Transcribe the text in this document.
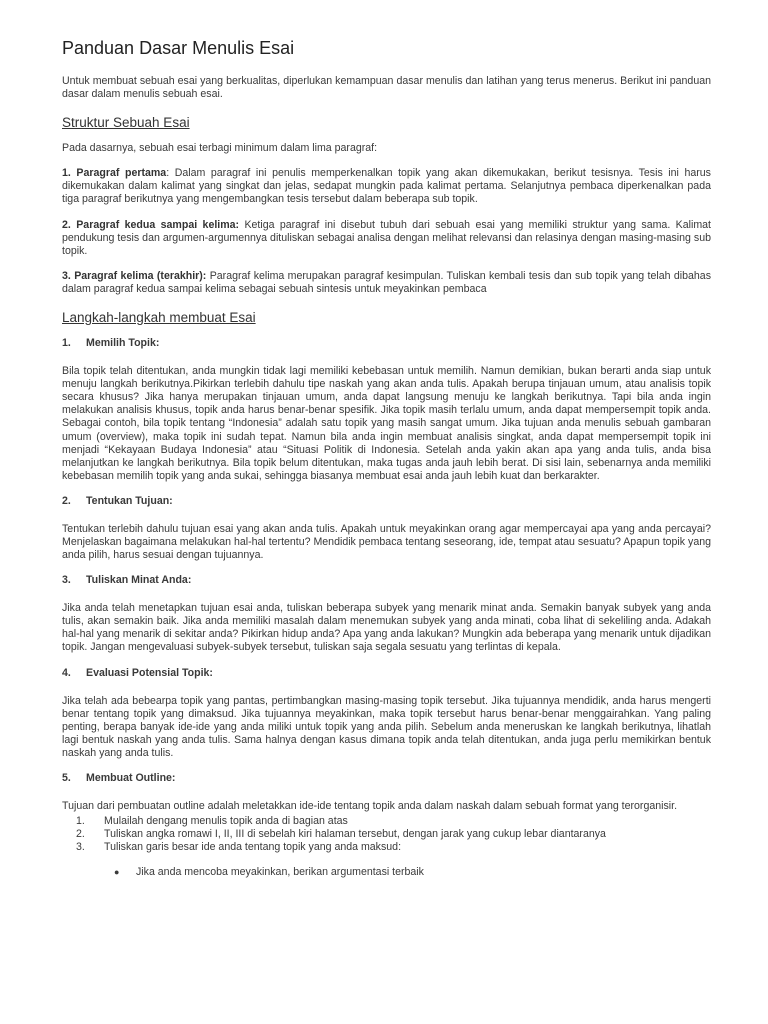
Panduan Dasar Menulis Esai

Untuk membuat sebuah esai yang berkualitas, diperlukan kemampuan dasar menulis dan latihan yang terus menerus. Berikut ini panduan dasar dalam menulis sebuah esai.

Struktur Sebuah Esai

Pada dasarnya, sebuah esai terbagi minimum dalam lima paragraf:

1. Paragraf pertama: Dalam paragraf ini penulis memperkenalkan topik yang akan dikemukakan, berikut tesisnya. Tesis ini harus dikemukakan dalam kalimat yang singkat dan jelas, sedapat mungkin pada kalimat pertama. Selanjutnya pembaca diperkenalkan pada tiga paragraf berikutnya yang mengembangkan tesis tersebut dalam beberapa sub topik.

2. Paragraf kedua sampai kelima: Ketiga paragraf ini disebut tubuh dari sebuah esai yang memiliki struktur yang sama. Kalimat pendukung tesis dan argumen-argumennya dituliskan sebagai analisa dengan melihat relevansi dan relasinya dengan masing-masing sub topik.

3. Paragraf kelima (terakhir): Paragraf kelima merupakan paragraf kesimpulan. Tuliskan kembali tesis dan sub topik yang telah dibahas dalam paragraf kedua sampai kelima sebagai sebuah sintesis untuk meyakinkan pembaca

Langkah-langkah membuat Esai
1. Memilih Topik:

Bila topik telah ditentukan, anda mungkin tidak lagi memiliki kebebasan untuk memilih. Namun demikian, bukan berarti anda siap untuk menuju langkah berikutnya.Pikirkan terlebih dahulu tipe naskah yang akan anda tulis. Apakah berupa tinjauan umum, atau analisis topik secara khusus? Jika hanya merupakan tinjauan umum, anda dapat langsung menuju ke langkah berikutnya. Tapi bila anda ingin melakukan analisis khusus, topik anda harus benar-benar spesifik. Jika topik masih terlalu umum, anda dapat mempersempit topik anda. Sebagai contoh, bila topik tentang “Indonesia” adalah satu topik yang masih sangat umum. Jika tujuan anda menulis sebuah gambaran umum (overview), maka topik ini sudah tepat. Namun bila anda ingin membuat analisis singkat, anda dapat mempersempit topik ini menjadi “Kekayaan Budaya Indonesia” atau “Situasi Politik di Indonesia. Setelah anda yakin akan apa yang anda tulis, anda bisa melanjutkan ke langkah berikutnya. Bila topik belum ditentukan, maka tugas anda jauh lebih berat. Di sisi lain, sebenarnya anda memiliki kebebasan memilih topik yang anda sukai, sehingga biasanya membuat esai anda jauh lebih kuat dan berkarakter.

2. Tentukan Tujuan:

Tentukan terlebih dahulu tujuan esai yang akan anda tulis. Apakah untuk meyakinkan orang agar mempercayai apa yang anda percayai? Menjelaskan bagaimana melakukan hal-hal tertentu? Mendidik pembaca tentang seseorang, ide, tempat atau sesuatu? Apapun topik yang anda pilih, harus sesuai dengan tujuannya.

3. Tuliskan Minat Anda:

Jika anda telah menetapkan tujuan esai anda, tuliskan beberapa subyek yang menarik minat anda. Semakin banyak subyek yang anda tulis, akan semakin baik. Jika anda memiliki masalah dalam menemukan subyek yang anda minati, coba lihat di sekeliling anda. Adakah hal-hal yang menarik di sekitar anda? Pikirkan hidup anda? Apa yang anda lakukan? Mungkin ada beberapa yang menarik untuk dijadikan topik. Jangan mengevaluasi subyek-subyek tersebut, tuliskan saja segala sesuatu yang terlintas di kepala.

4. Evaluasi Potensial Topik:

Jika telah ada bebearpa topik yang pantas, pertimbangkan masing-masing topik tersebut. Jika tujuannya mendidik, anda harus mengerti benar tentang topik yang dimaksud. Jika tujuannya meyakinkan, maka topik tersebut harus benar-benar menggairahkan. Yang paling penting, berapa banyak ide-ide yang anda miliki untuk topik yang anda pilih. Sebelum anda meneruskan ke langkah berikutnya, lihatlah lagi bentuk naskah yang anda tulis. Sama halnya dengan kasus dimana topik anda telah ditentukan, anda juga perlu memikirkan bentuk naskah yang anda tulis.

5. Membuat Outline:

Tujuan dari pembuatan outline adalah meletakkan ide-ide tentang topik anda dalam naskah dalam sebuah format yang terorganisir.

1.	Mulailah dengang menulis topik anda di bagian atas
2.	Tuliskan angka romawi I, II, III di sebelah kiri halaman tersebut, dengan jarak yang cukup lebar diantaranya
3.	Tuliskan garis besar ide anda tentang topik yang anda maksud:
●	Jika anda mencoba meyakinkan, berikan argumentasi terbaik
